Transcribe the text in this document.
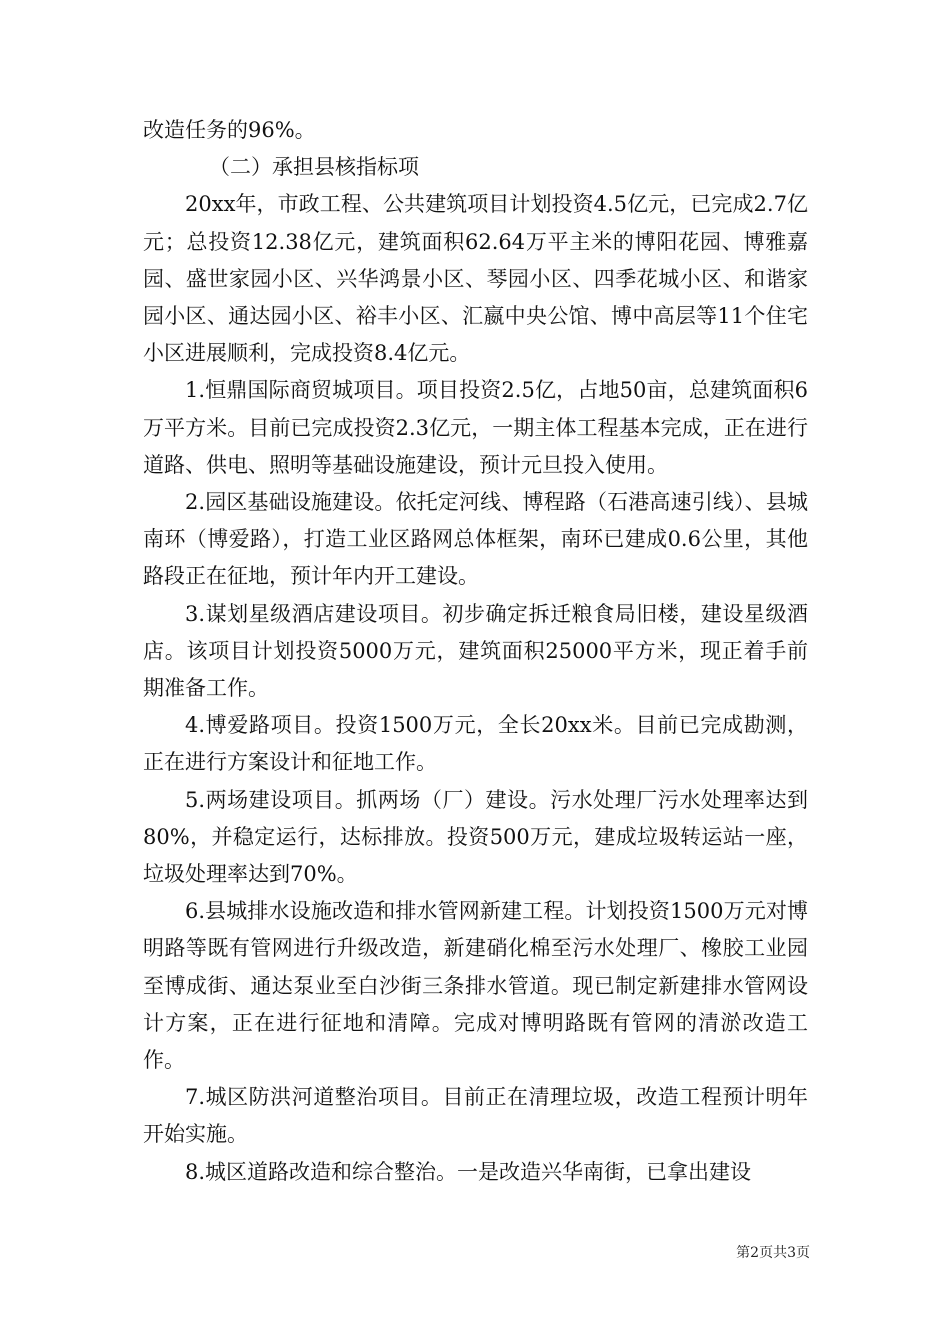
改造任务的96%。

（二）承担县核指标项

20xx年，市政工程、公共建筑项目计划投资4.5亿元，已完成2.7亿元；总投资12.38亿元，建筑面积62.64万平主米的博阳花园、博雅嘉园、盛世家园小区、兴华鸿景小区、琴园小区、四季花城小区、和谐家园小区、通达园小区、裕丰小区、汇嬴中央公馆、博中高层等11个住宅小区进展顺利，完成投资8.4亿元。

1.恒鼎国际商贸城项目。项目投资2.5亿，占地50亩，总建筑面积6万平方米。目前已完成投资2.3亿元，一期主体工程基本完成，正在进行道路、供电、照明等基础设施建设，预计元旦投入使用。

2.园区基础设施建设。依托定河线、博程路（石港高速引线）、县城南环（博爱路），打造工业区路网总体框架，南环已建成0.6公里，其他路段正在征地，预计年内开工建设。

3.谋划星级酒店建设项目。初步确定拆迁粮食局旧楼，建设星级酒店。该项目计划投资5000万元，建筑面积25000平方米，现正着手前期准备工作。

4.博爱路项目。投资1500万元，全长20xx米。目前已完成勘测，正在进行方案设计和征地工作。

5.两场建设项目。抓两场（厂）建设。污水处理厂污水处理率达到80%，并稳定运行，达标排放。投资500万元，建成垃圾转运站一座，垃圾处理率达到70%。

6.县城排水设施改造和排水管网新建工程。计划投资1500万元对博明路等既有管网进行升级改造，新建硝化棉至污水处理厂、橡胶工业园至博成街、通达泵业至白沙街三条排水管道。现已制定新建排水管网设计方案，正在进行征地和清障。完成对博明路既有管网的清淤改造工作。

7.城区防洪河道整治项目。目前正在清理垃圾，改造工程预计明年开始实施。

8.城区道路改造和综合整治。一是改造兴华南街，已拿出建设

第2页共3页
